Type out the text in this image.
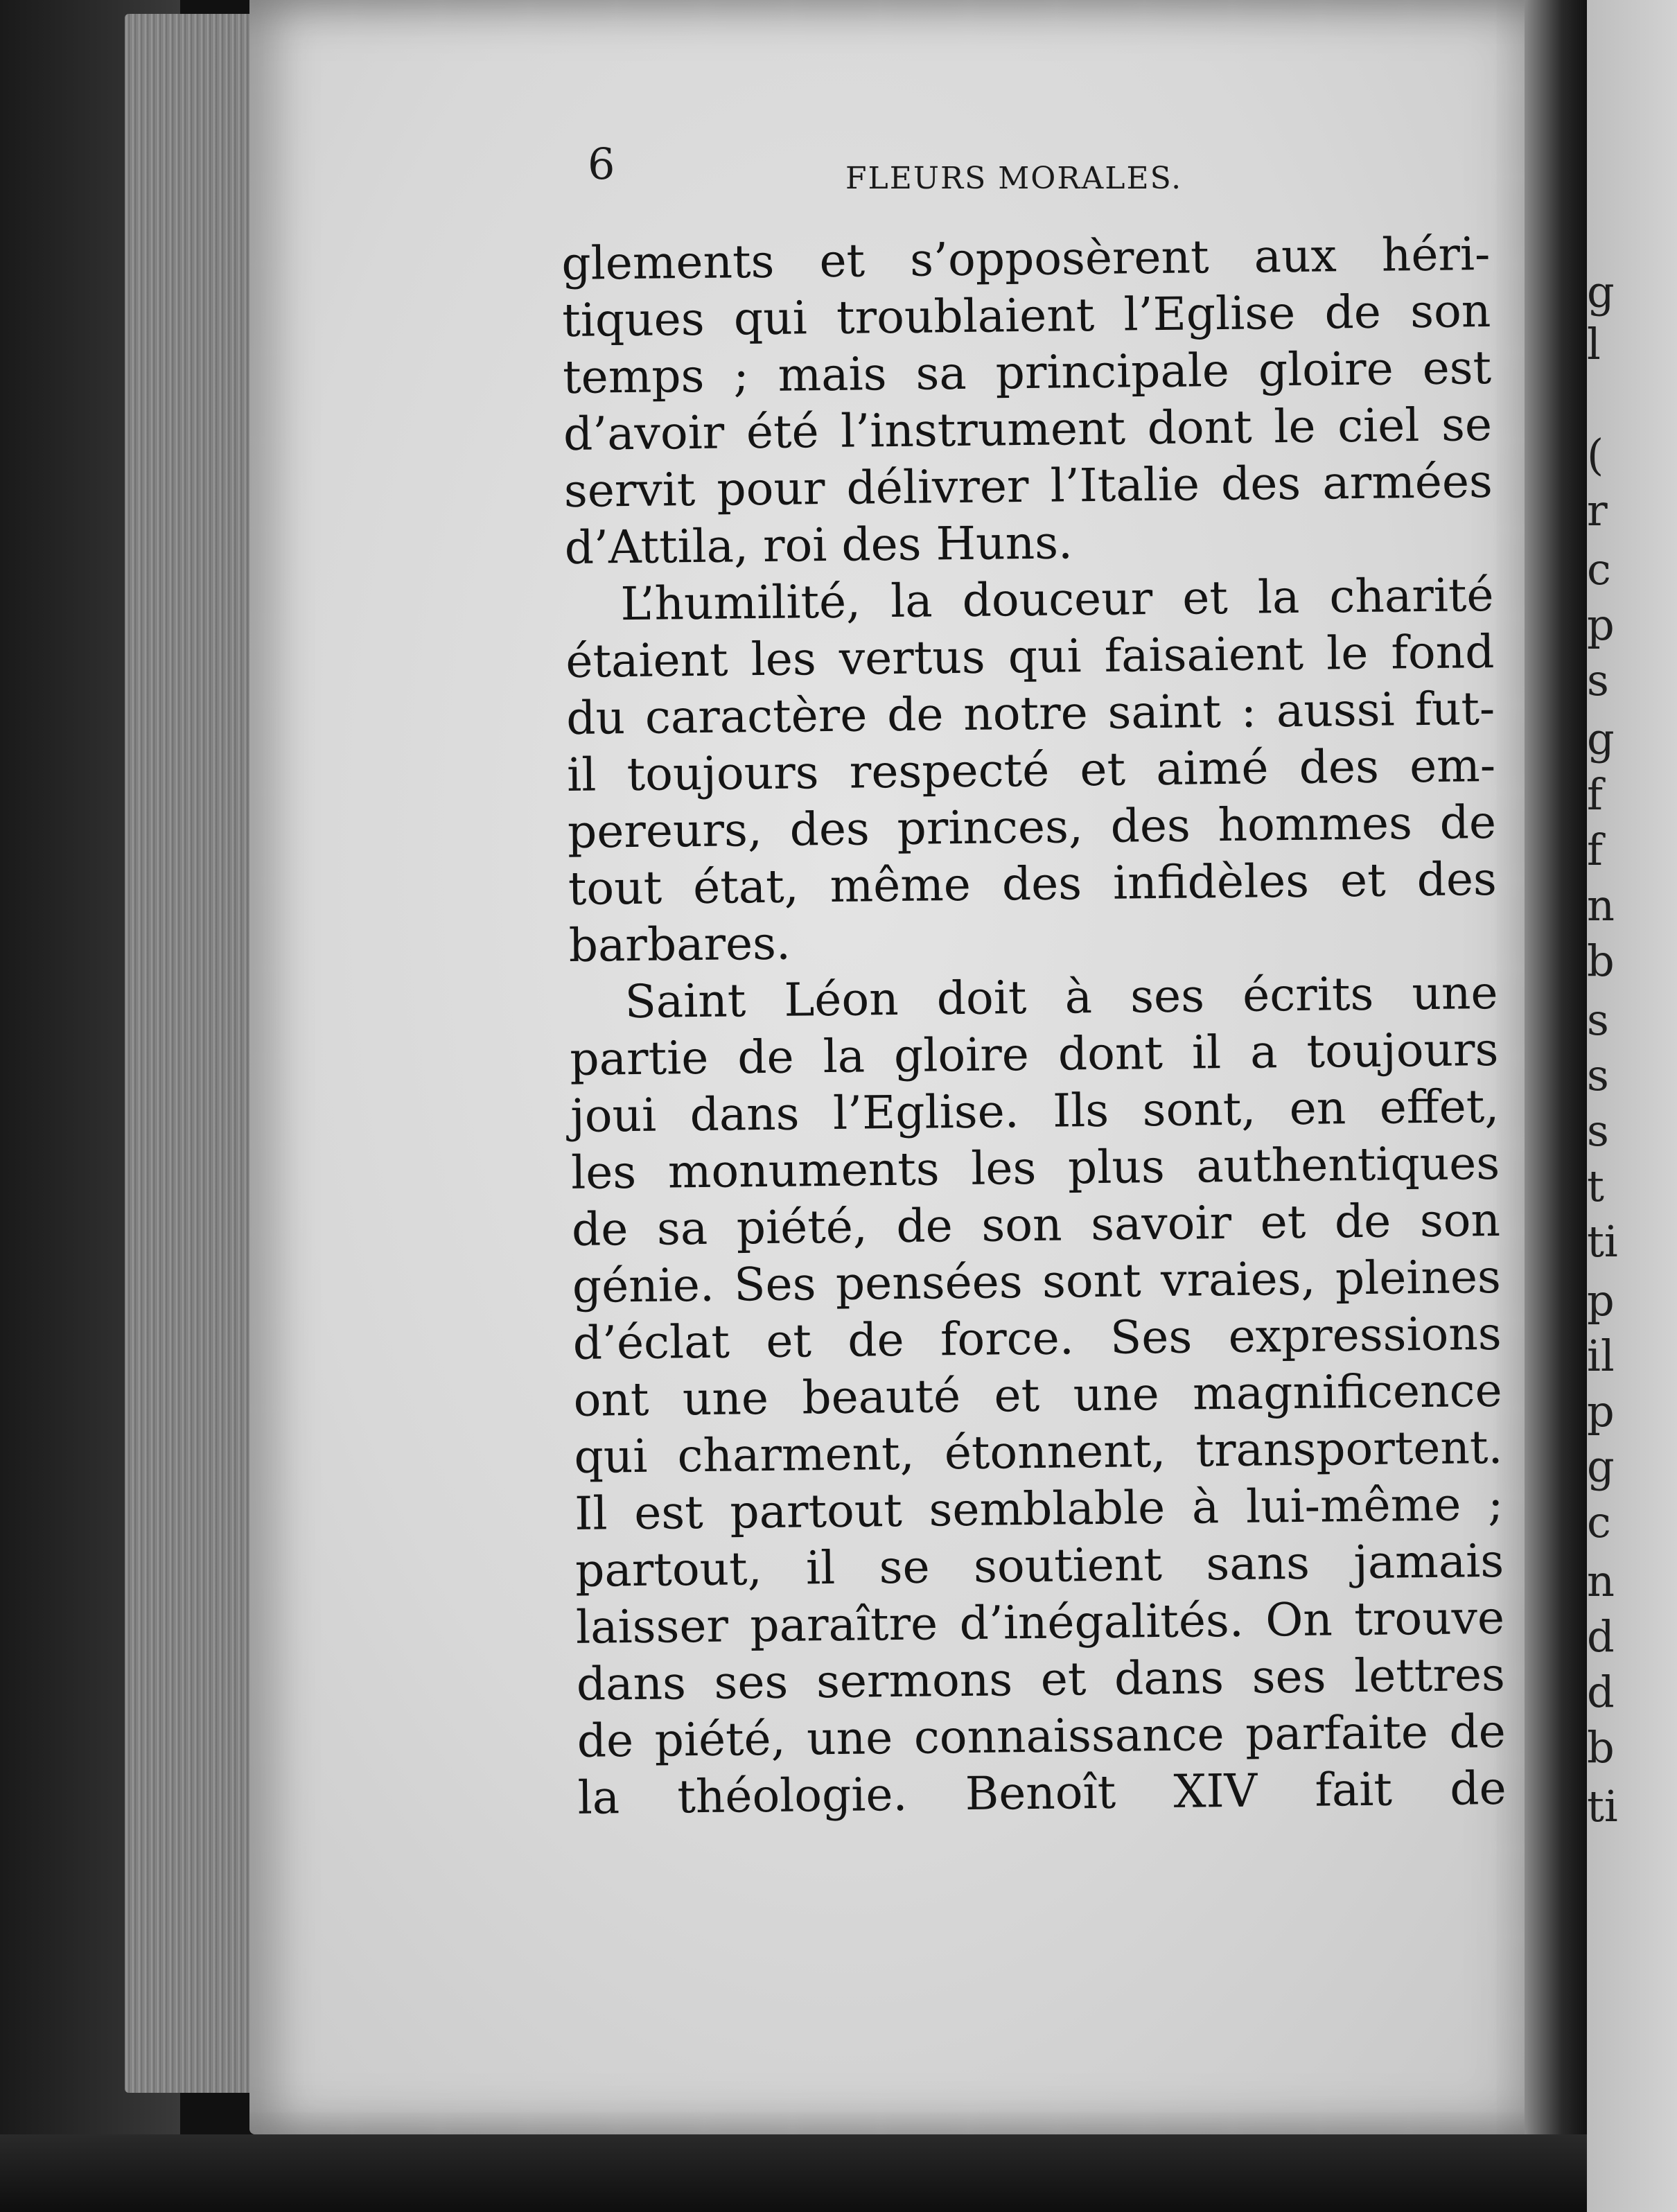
6	FLEURS MORALES.
glements et s’opposèrent aux héri-
tiques qui troublaient l’Eglise de son
temps ; mais sa principale gloire est
d’avoir été l’instrument dont le ciel se
servit pour délivrer l’Italie des armées
d’Attila, roi des Huns.
L’humilité, la douceur et la charité
étaient les vertus qui faisaient le fond
du caractère de notre saint : aussi fut-
il toujours respecté et aimé des em-
pereurs, des princes, des hommes de
tout état, même des infidèles et des
barbares.
Saint Léon doit à ses écrits une
partie de la gloire dont il a toujours
joui dans l’Eglise. Ils sont, en effet,
les monuments les plus authentiques
de sa piété, de son savoir et de son
génie. Ses pensées sont vraies, pleines
d’éclat et de force. Ses expressions
ont une beauté et une magnificence
qui charment, étonnent, transportent.
Il est partout semblable à lui-même ;
partout, il se soutient sans jamais
laisser paraître d’inégalités. On trouve
dans ses sermons et dans ses lettres
de piété, une connaissance parfaite de
la théologie. Benoît XIV fait de
g
l
(
r
c
p
s
g
f
f
n
b
s
s
s
t
ti
p
il
p
g
c
n
d
d
b
ti
